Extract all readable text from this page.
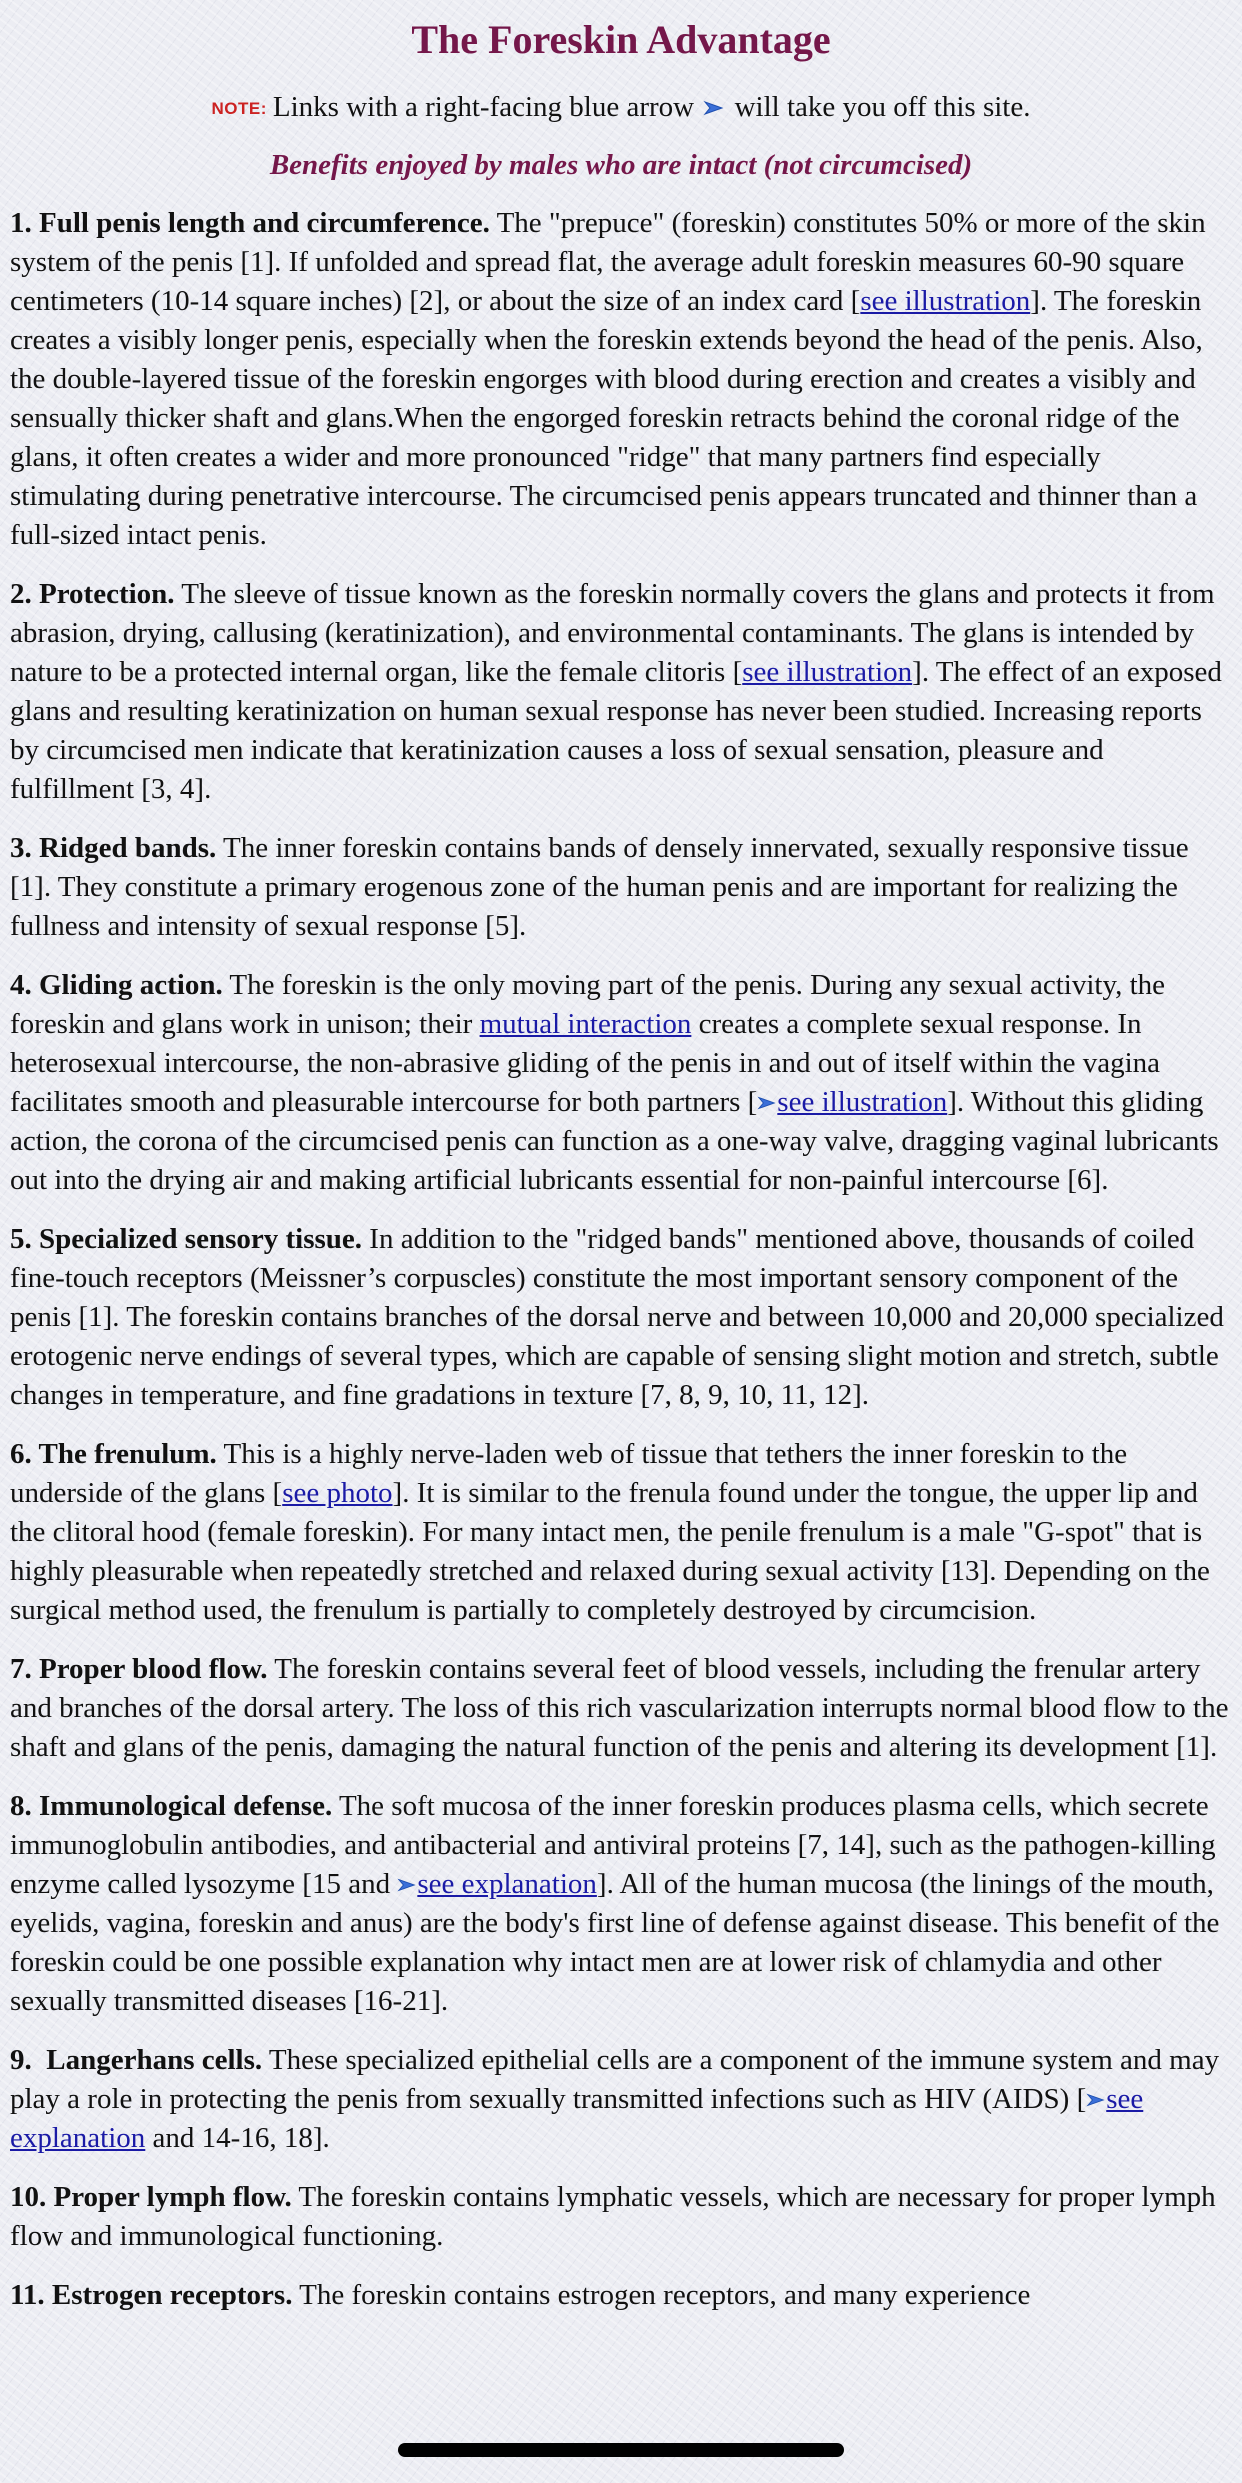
The Foreskin Advantage

NOTE: Links with a right-facing blue arrow will take you off this site.

Benefits enjoyed by males who are intact (not circumcised)

1. Full penis length and circumference. The "prepuce" (foreskin) constitutes 50% or more of the skin system of the penis [1]. If unfolded and spread flat, the average adult foreskin measures 60-90 square centimeters (10-14 square inches) [2], or about the size of an index card [see illustration]. The foreskin creates a visibly longer penis, especially when the foreskin extends beyond the head of the penis. Also, the double-layered tissue of the foreskin engorges with blood during erection and creates a visibly and sensually thicker shaft and glans.When the engorged foreskin retracts behind the coronal ridge of the glans, it often creates a wider and more pronounced "ridge" that many partners find especially stimulating during penetrative intercourse. The circumcised penis appears truncated and thinner than a full-sized intact penis.

2. Protection. The sleeve of tissue known as the foreskin normally covers the glans and protects it from abrasion, drying, callusing (keratinization), and environmental contaminants. The glans is intended by nature to be a protected internal organ, like the female clitoris [see illustration]. The effect of an exposed glans and resulting keratinization on human sexual response has never been studied. Increasing reports by circumcised men indicate that keratinization causes a loss of sexual sensation, pleasure and fulfillment [3, 4].

3. Ridged bands. The inner foreskin contains bands of densely innervated, sexually responsive tissue [1]. They constitute a primary erogenous zone of the human penis and are important for realizing the fullness and intensity of sexual response [5].

4. Gliding action. The foreskin is the only moving part of the penis. During any sexual activity, the foreskin and glans work in unison; their mutual interaction creates a complete sexual response. In heterosexual intercourse, the non-abrasive gliding of the penis in and out of itself within the vagina facilitates smooth and pleasurable intercourse for both partners [ see illustration]. Without this gliding action, the corona of the circumcised penis can function as a one-way valve, dragging vaginal lubricants out into the drying air and making artificial lubricants essential for non-painful intercourse [6].

5. Specialized sensory tissue. In addition to the "ridged bands" mentioned above, thousands of coiled fine-touch receptors (Meissner’s corpuscles) constitute the most important sensory component of the penis [1]. The foreskin contains branches of the dorsal nerve and between 10,000 and 20,000 specialized erotogenic nerve endings of several types, which are capable of sensing slight motion and stretch, subtle changes in temperature, and fine gradations in texture [7, 8, 9, 10, 11, 12].

6. The frenulum. This is a highly nerve-laden web of tissue that tethers the inner foreskin to the underside of the glans [see photo]. It is similar to the frenula found under the tongue, the upper lip and the clitoral hood (female foreskin). For many intact men, the penile frenulum is a male "G-spot" that is highly pleasurable when repeatedly stretched and relaxed during sexual activity [13]. Depending on the surgical method used, the frenulum is partially to completely destroyed by circumcision.

7. Proper blood flow. The foreskin contains several feet of blood vessels, including the frenular artery and branches of the dorsal artery. The loss of this rich vascularization interrupts normal blood flow to the shaft and glans of the penis, damaging the natural function of the penis and altering its development [1].

8. Immunological defense. The soft mucosa of the inner foreskin produces plasma cells, which secrete immunoglobulin antibodies, and antibacterial and antiviral proteins [7, 14], such as the pathogen-killing enzyme called lysozyme [15 and see explanation]. All of the human mucosa (the linings of the mouth, eyelids, vagina, foreskin and anus) are the body's first line of defense against disease. This benefit of the foreskin could be one possible explanation why intact men are at lower risk of chlamydia and other sexually transmitted diseases [16-21].

9.  Langerhans cells. These specialized epithelial cells are a component of the immune system and may play a role in protecting the penis from sexually transmitted infections such as HIV (AIDS) [ see explanation and 14-16, 18].

10. Proper lymph flow. The foreskin contains lymphatic vessels, which are necessary for proper lymph flow and immunological functioning.

11. Estrogen receptors. The foreskin contains estrogen receptors, and many experience
